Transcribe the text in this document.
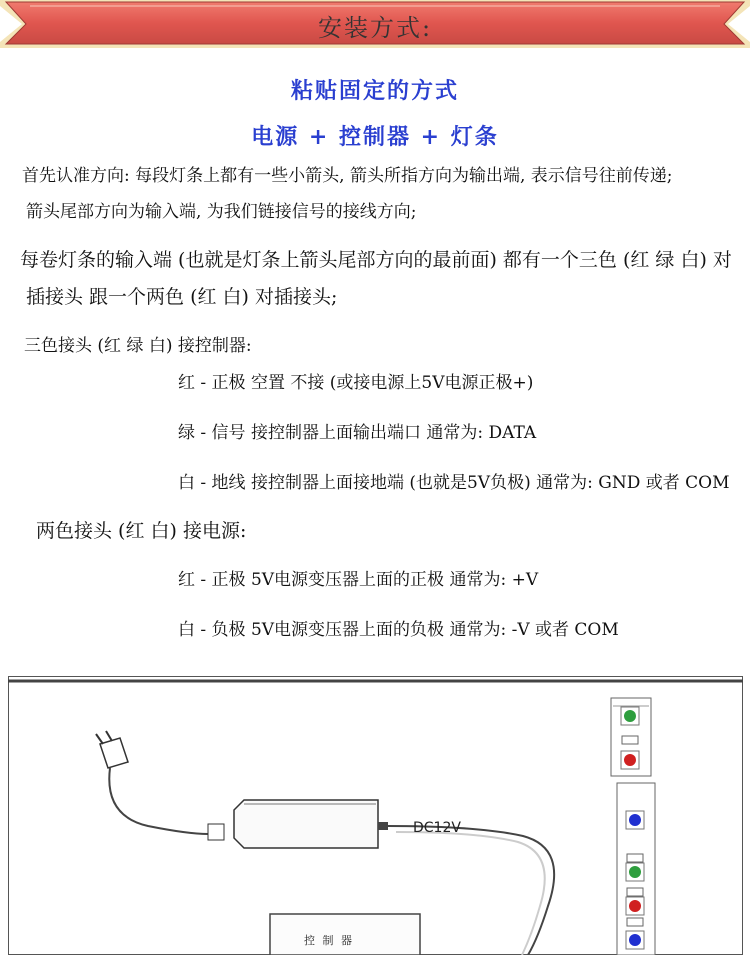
安装方式:
粘贴固定的方式
电源 + 控制器 + 灯条
首先认准方向: 每段灯条上都有一些小箭头, 箭头所指方向为输出端, 表示信号往前传递;
箭头尾部方向为输入端, 为我们链接信号的接线方向;
每卷灯条的输入端 (也就是灯条上箭头尾部方向的最前面) 都有一个三色 (红 绿 白) 对
插接头 跟一个两色 (红 白) 对插接头;
三色接头 (红 绿 白) 接控制器:
红 - 正极 空置 不接 (或接电源上5V电源正极+)
绿 - 信号 接控制器上面输出端口 通常为: DATA
白 - 地线 接控制器上面接地端 (也就是5V负极) 通常为: GND 或者 COM
两色接头 (红 白) 接电源:
红 - 正极 5V电源变压器上面的正极 通常为: +V
白 - 负极 5V电源变压器上面的负极 通常为: -V 或者 COM
DC12V
控 制 器
